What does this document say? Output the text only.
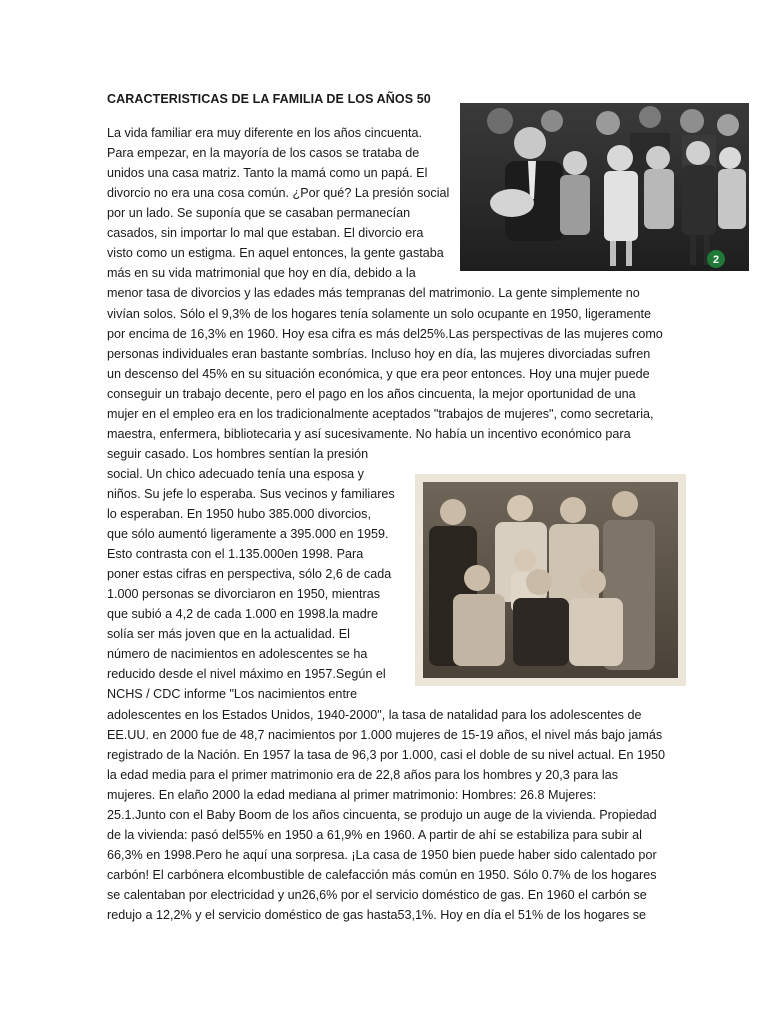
CARACTERISTICAS DE LA FAMILIA DE LOS AÑOS 50

La vida familiar era muy diferente en los años cincuenta.

Para empezar, en la mayoría de los casos se trataba de

unidos una casa matriz. Tanto la mamá como un papá. El

divorcio no era una cosa común. ¿Por qué? La presión social

por un lado. Se suponía que se casaban permanecían

casados, sin importar lo mal que estaban. El divorcio era

visto como un estigma. En aquel entonces, la gente gastaba

más en su vida matrimonial que hoy en día, debido a la

menor tasa de divorcios y las edades más tempranas del matrimonio. La gente simplemente no

vivían solos. Sólo el 9,3% de los hogares tenía solamente un solo ocupante en 1950, ligeramente

por encima de 16,3% en 1960. Hoy esa cifra es más del25%.Las perspectivas de las mujeres como

personas individuales eran bastante sombrías. Incluso hoy en día, las mujeres divorciadas sufren

un descenso del 45% en su situación económica, y que era peor entonces. Hoy una mujer puede

conseguir un trabajo decente, pero el pago en los años cincuenta, la mejor oportunidad de una

mujer en el empleo era en los tradicionalmente aceptados "trabajos de mujeres", como secretaria,

maestra, enfermera, bibliotecaria y así sucesivamente. No había un incentivo económico para

seguir casado. Los hombres sentían la presión

social. Un chico adecuado tenía una esposa y

niños. Su jefe lo esperaba. Sus vecinos y familiares

lo esperaban. En 1950 hubo 385.000 divorcios,

que sólo aumentó ligeramente a 395.000 en 1959.

Esto contrasta con el 1.135.000en 1998. Para

poner estas cifras en perspectiva, sólo 2,6 de cada

1.000 personas se divorciaron en 1950, mientras

que subió a 4,2 de cada 1.000 en 1998.la madre

solía ser más joven que en la actualidad. El

número de nacimientos en adolescentes se ha

reducido desde el nivel máximo en 1957.Según el

NCHS / CDC informe "Los nacimientos entre

adolescentes en los Estados Unidos, 1940-2000", la tasa de natalidad para los adolescentes de

EE.UU. en 2000 fue de 48,7 nacimientos por 1.000 mujeres de 15-19 años, el nivel más bajo jamás

registrado de la Nación. En 1957 la tasa de 96,3 por 1.000, casi el doble de su nivel actual. En 1950

la edad media para el primer matrimonio era de 22,8 años para los hombres y 20,3 para las

mujeres. En elaño 2000 la edad mediana al primer matrimonio: Hombres: 26.8 Mujeres:

25.1.Junto con el Baby Boom de los años cincuenta, se produjo un auge de la vivienda. Propiedad

de la vivienda: pasó del55% en 1950 a 61,9% en 1960. A partir de ahí se estabiliza para subir al

66,3% en 1998.Pero he aquí una sorpresa. ¡La casa de 1950 bien puede haber sido calentado por

carbón! El carbónera elcombustible de calefacción más común en 1950. Sólo 0.7% de los hogares

se calentaban por electricidad y un26,6% por el servicio doméstico de gas. En 1960 el carbón se

redujo a 12,2% y el servicio doméstico de gas hasta53,1%. Hoy en día el 51% de los hogares se

2
